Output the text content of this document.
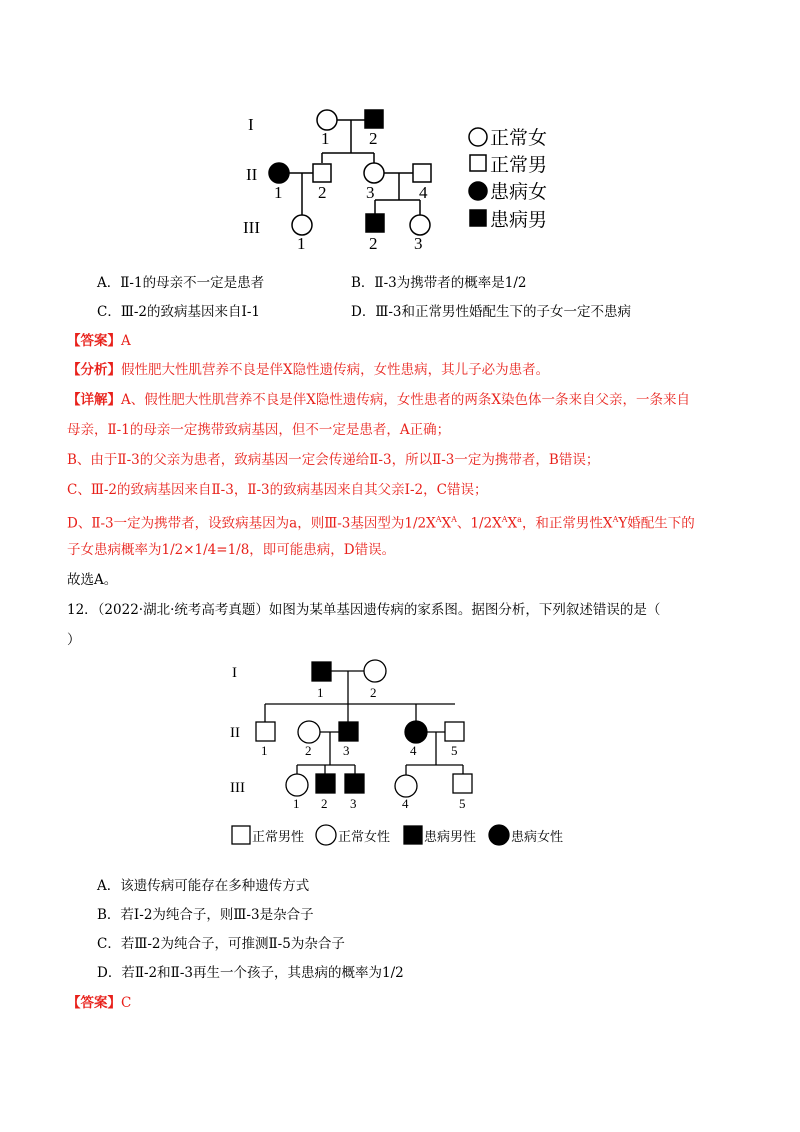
I
II
III
1 2
1 2 3	4
1	2 3
正常女
正常男
患病女
患病男
A．Ⅱ-1的母亲不一定是患者	B．Ⅱ-3为携带者的概率是1/2
C．Ⅲ-2的致病基因来自Ⅰ-1	D．Ⅲ-3和正常男性婚配生下的子女一定不患病
【答案】A
【分析】假性肥大性肌营养不良是伴X隐性遗传病，女性患病，其儿子必为患者。
【详解】A、假性肥大性肌营养不良是伴X隐性遗传病，女性患者的两条X染色体一条来自父亲，一条来自
母亲，Ⅱ-1的母亲一定携带致病基因，但不一定是患者，A正确；
B、由于Ⅱ-3的父亲为患者，致病基因一定会传递给Ⅱ-3，所以Ⅱ-3一定为携带者，B错误；
C、Ⅲ-2的致病基因来自Ⅱ-3，Ⅱ-3的致病基因来自其父亲Ⅰ-2，C错误；
D、Ⅱ-3一定为携带者，设致病基因为a，则Ⅲ-3基因型为$1/2X^AX^A$、$1/2X^AX^a$，和正常男性$X^AY$婚配生下的
子女患病概率为1/2×1/4=1/8，即可能患病，D错误。
故选A。
12．（2022·湖北·统考高考真题）如图为某单基因遗传病的家系图。据图分析，下列叙述错误的是（
）
I
II
III
1	2
1	2 3	4	5
1 2 3	4	5
正常男性	正常女性	患病男性	患病女性
A．该遗传病可能存在多种遗传方式
B．若Ⅰ-2为纯合子，则Ⅲ-3是杂合子
C．若Ⅲ-2为纯合子，可推测Ⅱ-5为杂合子
D．若Ⅱ-2和Ⅱ-3再生一个孩子，其患病的概率为1/2
【答案】C
